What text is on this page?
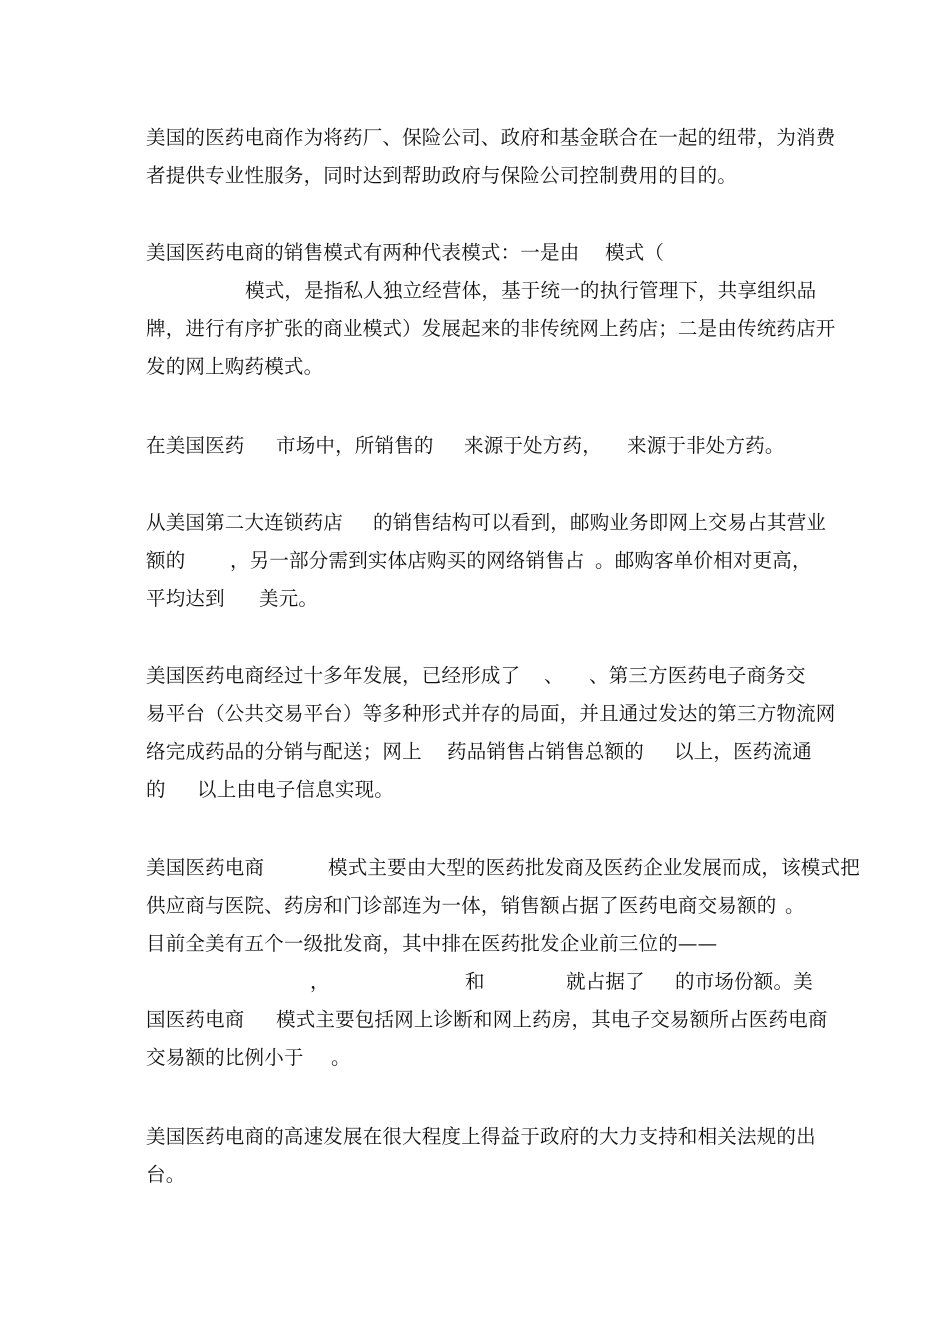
美国的医药电商作为将药厂、保险公司、政府和基金联合在一起的纽带，为消费
者提供专业性服务，同时达到帮助政府与保险公司控制费用的目的。

美国医药电商的销售模式有两种代表模式：一是由

模式（

模式，是指私人独立经营体，基于统一的执行管理下，共享组织品

牌，进行有序扩张的商业模式）发展起来的非传统网上药店；二是由传统药店开
发的网上购药模式。

在美国医药

市场中，所销售的

来源于处方药，

来源于非处方药。

从美国第二大连锁药店

的销售结构可以看到，邮购业务即网上交易占其营业

额的

，另一部分需到实体店购买的网络销售占

。邮购客单价相对更高，

平均达到

美元。

美国医药电商经过十多年发展，已经形成了

、

、第三方医药电子商务交

易平台（公共交易平台）等多种形式并存的局面，并且通过发达的第三方物流网

络完成药品的分销与配送；网上

药品销售占销售总额的

以上，医药流通

的

以上由电子信息实现。

美国医药电商

	模式主要由大型的医药批发商及医药企业发展而成，该模式把

供应商与医院、药房和门诊部连为一体，销售额占据了医药电商交易额的

。

目前全美有五个一级批发商，其中排在医药批发企业前三位的——

，

	和

	就占据了

的市场份额。美

国医药电商

模式主要包括网上诊断和网上药房，其电子交易额所占医药电商

交易额的比例小于

。

美国医药电商的高速发展在很大程度上得益于政府的大力支持和相关法规的出
台。
